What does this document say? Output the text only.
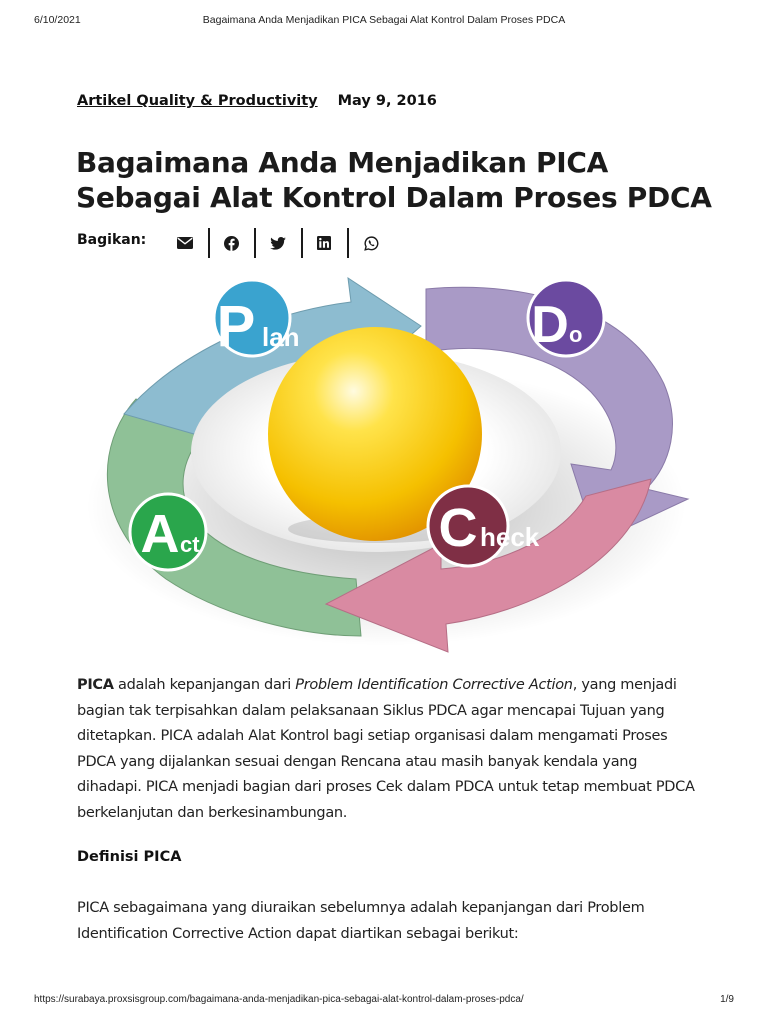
6/10/2021	Bagaimana Anda Menjadikan PICA Sebagai Alat Kontrol Dalam Proses PDCA
Artikel Quality & Productivity May 9, 2016
Bagaimana Anda Menjadikan PICA Sebagai Alat Kontrol Dalam Proses PDCA
Bagikan:
P lan	D o
C heck
A ct

PICA adalah kepanjangan dari Problem Identification Corrective Action, yang menjadi bagian tak terpisahkan dalam pelaksanaan Siklus PDCA agar mencapai Tujuan yang ditetapkan. PICA adalah Alat Kontrol bagi setiap organisasi dalam mengamati Proses PDCA yang dijalankan sesuai dengan Rencana atau masih banyak kendala yang dihadapi. PICA menjadi bagian dari proses Cek dalam PDCA untuk tetap membuat PDCA berkelanjutan dan berkesinambungan.

Definisi PICA

PICA sebagaimana yang diuraikan sebelumnya adalah kepanjangan dari Problem Identification Corrective Action dapat diartikan sebagai berikut:

https://surabaya.proxsisgroup.com/bagaimana-anda-menjadikan-pica-sebagai-alat-kontrol-dalam-proses-pdca/	1/9
